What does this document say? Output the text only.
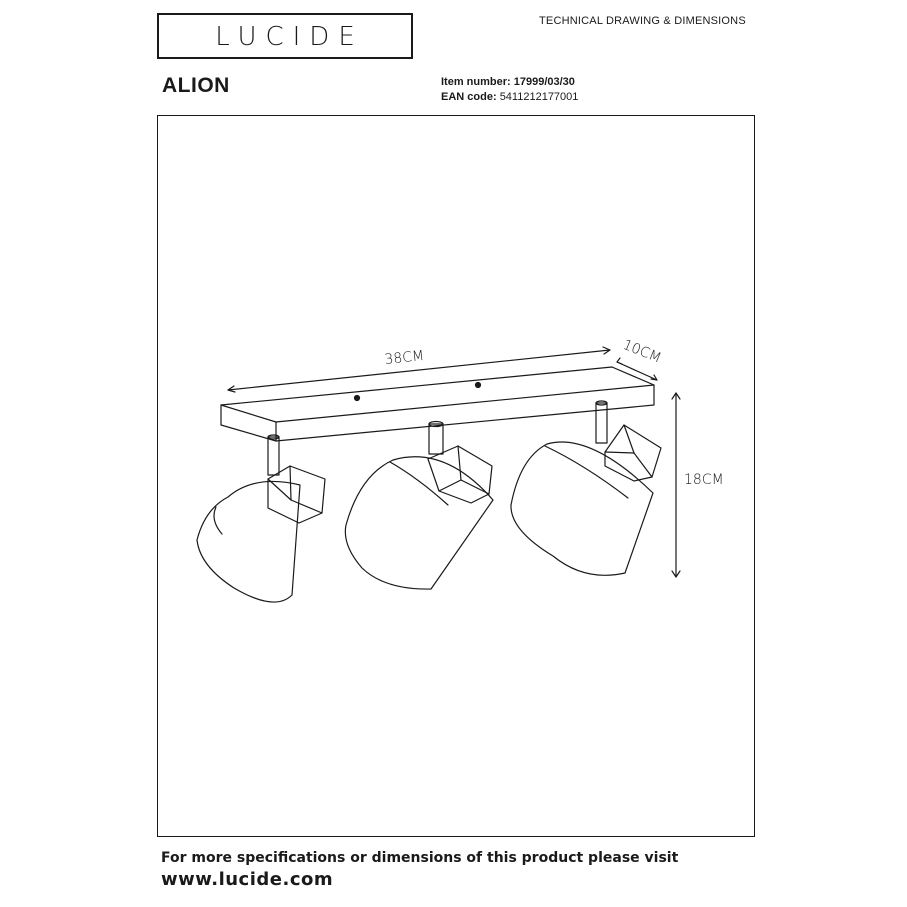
LUCIDE
TECHNICAL DRAWING & DIMENSIONS
ALION	Item number: 17999/03/30
EAN code: 5411212177001
38CM	10CM
18CM
For more specifications or dimensions of this product please visit
www.lucide.com
